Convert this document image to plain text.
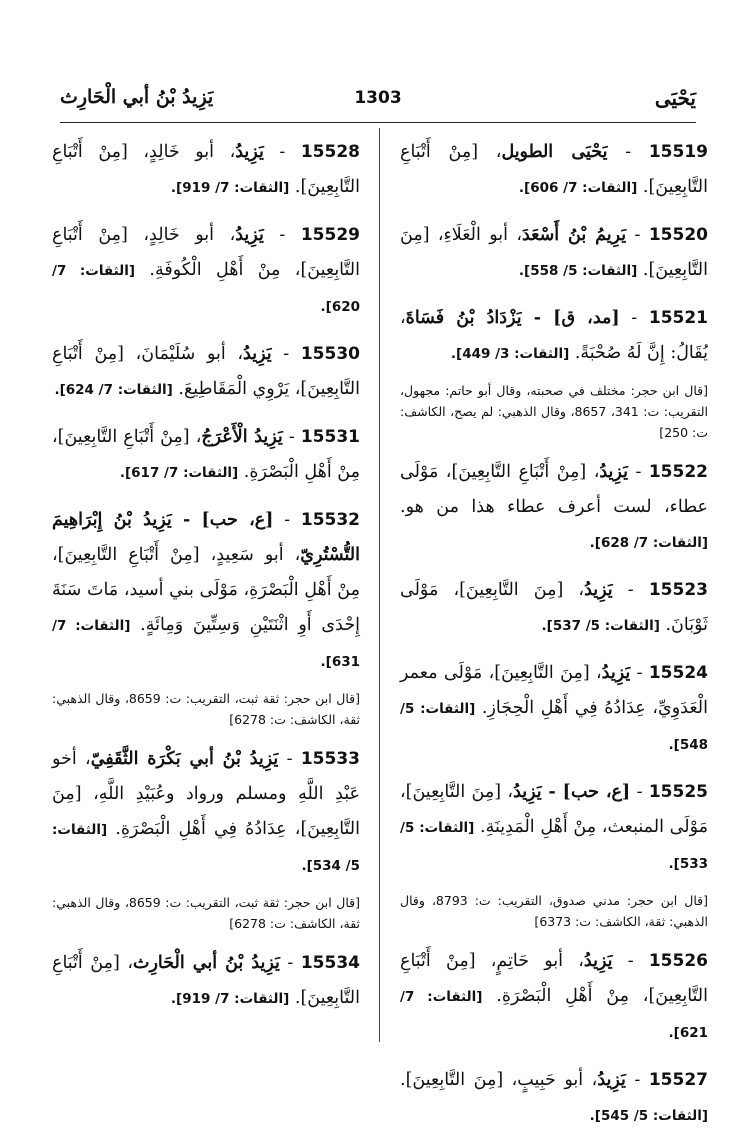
يَحْيَى
1303
يَزِيدُ بْنُ أبي الْحَارِث
15519 - يَحْيَى الطويل، [مِنْ أَتْبَاعِ التَّابِعِينَ]. [الثقات: 7/ 606].
15520 - يَرِيمُ بْنُ أَسْعَدَ، أبو الْعَلَاءِ، [مِنَ التَّابِعِينَ]. [الثقات: 5/ 558].
15521 - [مد، ق] - يَزْدَادُ بْنُ فَسَاةَ، يُقَالُ: إِنَّ لَهُ صُحْبَةً. [الثقات: 3/ 449].
[قال ابن حجر: مختلف في صحبته، وقال أبو حاتم: مجهول، التقريب: ت: 341، 8657، وقال الذهبي: لم يصح، الكاشف: ت: 250]
15522 - يَزِيدُ، [مِنْ أَتْبَاعِ التَّابِعِينَ]، مَوْلَى عطاء، لست أعرف عطاء هذا من هو. [الثقات: 7/ 628].
15523 - يَزِيدُ، [مِنَ التَّابِعِينَ]، مَوْلَى ثَوْبَانَ. [الثقات: 5/ 537].
15524 - يَزِيدُ، [مِنَ التَّابِعِينَ]، مَوْلَى معمر الْعَدَوِيِّ، عِدَادُهُ فِي أَهْلِ الْحِجَازِ. [الثقات: 5/ 548].
15525 - [ع، حب] - يَزِيدُ، [مِنَ التَّابِعِينَ]، مَوْلَى المنبعث، مِنْ أَهْلِ الْمَدِينَةِ. [الثقات: 5/ 533].
[قال ابن حجر: مدني صدوق، التقريب: ت: 8793، وقال الذهبي: ثقة، الكاشف: ت: 6373]
15526 - يَزِيدُ، أبو حَاتِمٍ، [مِنْ أَتْبَاعِ التَّابِعِينَ]، مِنْ أَهْلِ الْبَصْرَةِ. [الثقات: 7/ 621].
15527 - يَزِيدُ، أبو حَبِيبٍ، [مِنَ التَّابِعِينَ]. [الثقات: 5/ 545].
15528 - يَزِيدُ، أبو خَالِدٍ، [مِنْ أَتْبَاعِ التَّابِعِينَ]. [الثقات: 7/ 919].
15529 - يَزِيدُ، أبو خَالِدٍ، [مِنْ أَتْبَاعِ التَّابِعِينَ]، مِنْ أَهْلِ الْكُوفَةِ. [الثقات: 7/ 620].
15530 - يَزِيدُ، أبو سُلَيْمَانَ، [مِنْ أَتْبَاعِ التَّابِعِينَ]، يَرْوِي الْمَقَاطِيعَ. [الثقات: 7/ 624].
15531 - يَزِيدُ الْأَعْرَجُ، [مِنْ أَتْبَاعِ التَّابِعِينَ]، مِنْ أَهْلِ الْبَصْرَةِ. [الثقات: 7/ 617].
15532 - [ع، حب] - يَزِيدُ بْنُ إِبْرَاهِيمَ التُّسْتُرِيّ، أبو سَعِيدٍ، [مِنْ أَتْبَاعِ التَّابِعِينَ]، مِنْ أَهْلِ الْبَصْرَةِ، مَوْلَى بني أسيد، مَاتَ سَنَةَ إِحْدَى أَوِ اثْنَتَيْنِ وَسِتِّينَ وَمِائَةٍ. [الثقات: 7/ 631].
[قال ابن حجر: ثقة ثبت، التقريب: ت: 8659، وقال الذهبي: ثقة، الكاشف: ت: 6278]
15533 - يَزِيدُ بْنُ أبي بَكْرَة الثَّقَفِيّ، أخو عَبْدِ اللَّهِ ومسلم ورواد وعُبَيْدِ اللَّهِ، [مِنَ التَّابِعِينَ]، عِدَادُهُ فِي أَهْلِ الْبَصْرَةِ. [الثقات: 5/ 534].
[قال ابن حجر: ثقة ثبت، التقريب: ت: 8659، وقال الذهبي: ثقة، الكاشف: ت: 6278]
15534 - يَزِيدُ بْنُ أبي الْحَارِث، [مِنْ أَتْبَاعِ التَّابِعِينَ]. [الثقات: 7/ 919].
